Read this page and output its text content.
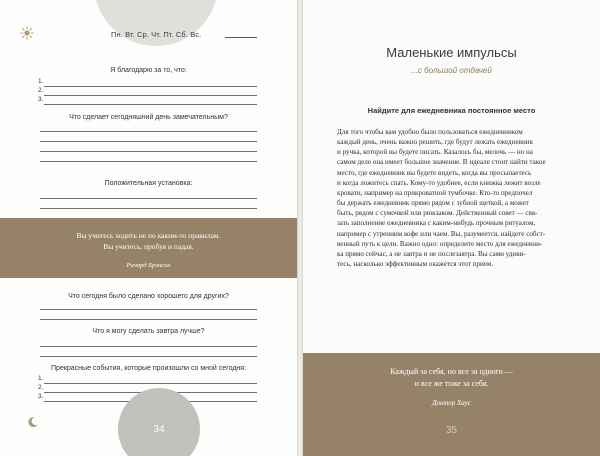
Пн. Вт. Ср. Чт. Пт. Сб. Вс.
Я благодарю за то, что:
1.
2.
3.
Что сделает сегодняшний день замечательным?
Положительная установка:
Вы учитесь ходить не по каким-то правилам.
Вы учитесь, пробуя и падая.
Ричард Брэнсон
Что сегодня было сделано хорошего для других?
Что я могу сделать завтра лучше?
Прекрасные события, которые произошли со мной сегодня:
1.
2.
3.
34
Маленькие импульсы
...с большой отдачей
Найдите для ежедневника постоянное место
Для того чтобы вам удобно было пользоваться ежедневником
каждый день, очень важно решить, где будут лежать ежедневник
и ручка, которой вы будете писать. Казалось бы, мелочь — но на
самом деле она имеет большое значение. В идеале стоит найти такое
место, где ежедневник вы будете видеть, когда вы просыпаетесь
и когда ложитесь спать. Кому-то удобнее, если книжка лежит возле
кровати, например на прикроватной тумбочке. Кто-то предпочел
бы держать ежедневник прямо рядом с зубной щеткой, а может
быть, рядом с сумочкой или рюкзаком. Действенный совет — свя-
зать заполнение ежедневника с каким-нибудь прочным ритуалом,
например с утренним кофе или чаем. Вы, разумеется, найдете собст-
венный путь к цели. Важно одно: определите место для ежедневни-
ка прямо сейчас, а не завтра и не послезавтра. Вы сами удиви-
тесь, насколько эффективным окажется этот прием.
Каждый за себя, но все за одного —
и все же тоже за себя.
Доктор Хаус
35
